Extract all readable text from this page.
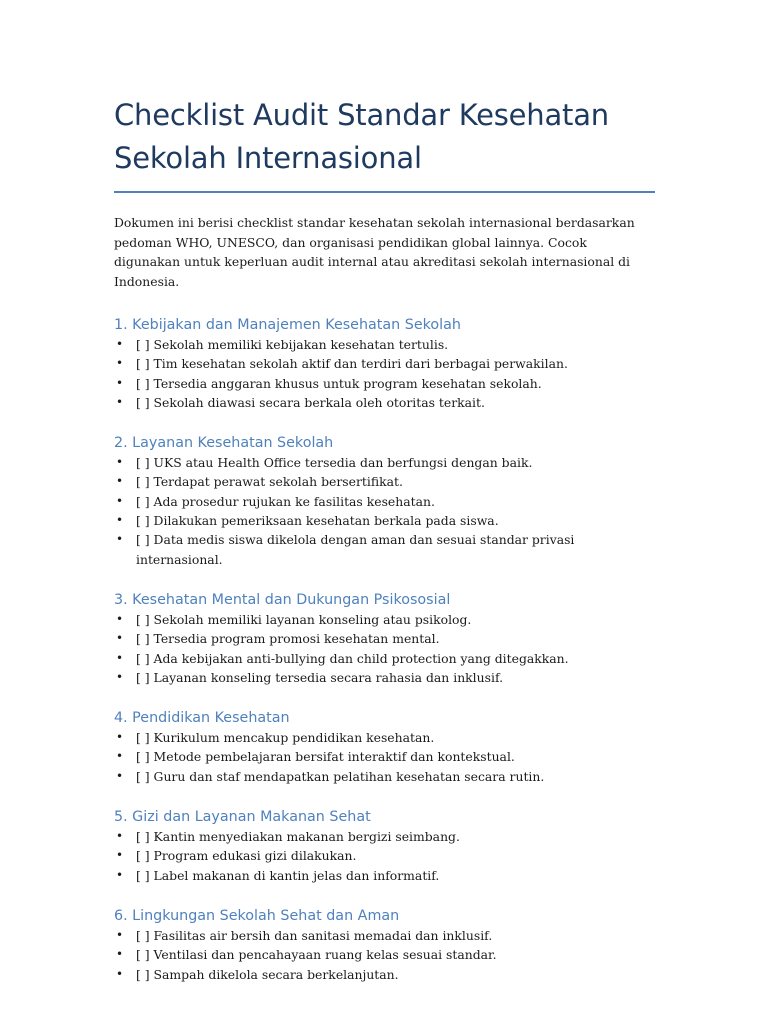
Checklist Audit Standar Kesehatan
Sekolah Internasional

Dokumen ini berisi checklist standar kesehatan sekolah internasional berdasarkan pedoman WHO, UNESCO, dan organisasi pendidikan global lainnya. Cocok digunakan untuk keperluan audit internal atau akreditasi sekolah internasional di Indonesia.

1. Kebijakan dan Manajemen Kesehatan Sekolah
• [ ] Sekolah memiliki kebijakan kesehatan tertulis.
• [ ] Tim kesehatan sekolah aktif dan terdiri dari berbagai perwakilan.
• [ ] Tersedia anggaran khusus untuk program kesehatan sekolah.
• [ ] Sekolah diawasi secara berkala oleh otoritas terkait.
2. Layanan Kesehatan Sekolah
• [ ] UKS atau Health Office tersedia dan berfungsi dengan baik.
• [ ] Terdapat perawat sekolah bersertifikat.
• [ ] Ada prosedur rujukan ke fasilitas kesehatan.
• [ ] Dilakukan pemeriksaan kesehatan berkala pada siswa.
• [ ] Data medis siswa dikelola dengan aman dan sesuai standar privasi internasional.
3. Kesehatan Mental dan Dukungan Psikososial
• [ ] Sekolah memiliki layanan konseling atau psikolog.
• [ ] Tersedia program promosi kesehatan mental.
• [ ] Ada kebijakan anti-bullying dan child protection yang ditegakkan.
• [ ] Layanan konseling tersedia secara rahasia dan inklusif.
4. Pendidikan Kesehatan
• [ ] Kurikulum mencakup pendidikan kesehatan.
• [ ] Metode pembelajaran bersifat interaktif dan kontekstual.
• [ ] Guru dan staf mendapatkan pelatihan kesehatan secara rutin.
5. Gizi dan Layanan Makanan Sehat
• [ ] Kantin menyediakan makanan bergizi seimbang.
• [ ] Program edukasi gizi dilakukan.
• [ ] Label makanan di kantin jelas dan informatif.
6. Lingkungan Sekolah Sehat dan Aman
• [ ] Fasilitas air bersih dan sanitasi memadai dan inklusif.
• [ ] Ventilasi dan pencahayaan ruang kelas sesuai standar.
• [ ] Sampah dikelola secara berkelanjutan.
